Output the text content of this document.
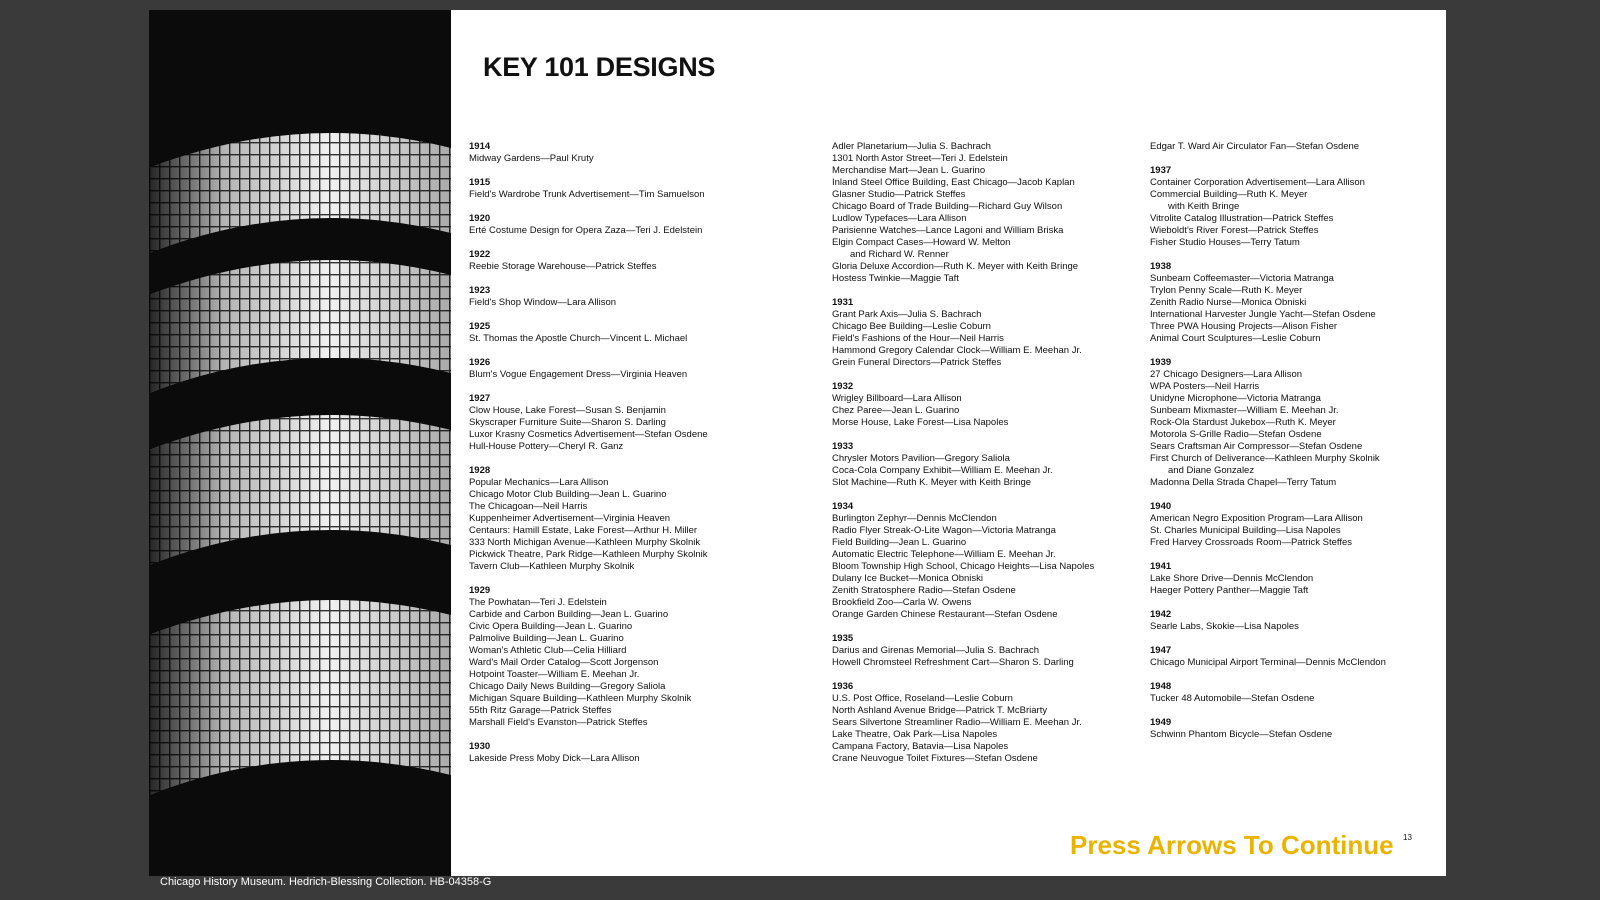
KEY 101 DESIGNS
1914
Midway Gardens—Paul Kruty
1915
Field's Wardrobe Trunk Advertisement—Tim Samuelson
1920
Erté Costume Design for Opera Zaza—Teri J. Edelstein
1922
Reebie Storage Warehouse—Patrick Steffes
1923
Field's Shop Window—Lara Allison
1925
St. Thomas the Apostle Church—Vincent L. Michael
1926
Blum's Vogue Engagement Dress—Virginia Heaven
1927
Clow House, Lake Forest—Susan S. Benjamin
Skyscraper Furniture Suite—Sharon S. Darling
Luxor Krasny Cosmetics Advertisement—Stefan Osdene
Hull-House Pottery—Cheryl R. Ganz
1928
Popular Mechanics—Lara Allison
Chicago Motor Club Building—Jean L. Guarino
The Chicagoan—Neil Harris
Kuppenheimer Advertisement—Virginia Heaven
Centaurs: Hamill Estate, Lake Forest—Arthur H. Miller
333 North Michigan Avenue—Kathleen Murphy Skolnik
Pickwick Theatre, Park Ridge—Kathleen Murphy Skolnik
Tavern Club—Kathleen Murphy Skolnik
1929
The Powhatan—Teri J. Edelstein
Carbide and Carbon Building—Jean L. Guarino
Civic Opera Building—Jean L. Guarino
Palmolive Building—Jean L. Guarino
Woman's Athletic Club—Celia Hilliard
Ward's Mail Order Catalog—Scott Jorgenson
Hotpoint Toaster—William E. Meehan Jr.
Chicago Daily News Building—Gregory Saliola
Michigan Square Building—Kathleen Murphy Skolnik
55th Ritz Garage—Patrick Steffes
Marshall Field's Evanston—Patrick Steffes
1930
Lakeside Press Moby Dick—Lara Allison
Adler Planetarium—Julia S. Bachrach
1301 North Astor Street—Teri J. Edelstein
Merchandise Mart—Jean L. Guarino
Inland Steel Office Building, East Chicago—Jacob Kaplan
Glasner Studio—Patrick Steffes
Chicago Board of Trade Building—Richard Guy Wilson
Ludlow Typefaces—Lara Allison
Parisienne Watches—Lance Lagoni and William Briska
Elgin Compact Cases—Howard W. Melton
and Richard W. Renner
Gloria Deluxe Accordion—Ruth K. Meyer with Keith Bringe
Hostess Twinkie—Maggie Taft
1931
Grant Park Axis—Julia S. Bachrach
Chicago Bee Building—Leslie Coburn
Field's Fashions of the Hour—Neil Harris
Hammond Gregory Calendar Clock—William E. Meehan Jr.
Grein Funeral Directors—Patrick Steffes
1932
Wrigley Billboard—Lara Allison
Chez Paree—Jean L. Guarino
Morse House, Lake Forest—Lisa Napoles
1933
Chrysler Motors Pavilion—Gregory Saliola
Coca-Cola Company Exhibit—William E. Meehan Jr.
Slot Machine—Ruth K. Meyer with Keith Bringe
1934
Burlington Zephyr—Dennis McClendon
Radio Flyer Streak-O-Lite Wagon—Victoria Matranga
Field Building—Jean L. Guarino
Automatic Electric Telephone—William E. Meehan Jr.
Bloom Township High School, Chicago Heights—Lisa Napoles
Dulany Ice Bucket—Monica Obniski
Zenith Stratosphere Radio—Stefan Osdene
Brookfield Zoo—Carla W. Owens
Orange Garden Chinese Restaurant—Stefan Osdene
1935
Darius and Girenas Memorial—Julia S. Bachrach
Howell Chromsteel Refreshment Cart—Sharon S. Darling
1936
U.S. Post Office, Roseland—Leslie Coburn
North Ashland Avenue Bridge—Patrick T. McBriarty
Sears Silvertone Streamliner Radio—William E. Meehan Jr.
Lake Theatre, Oak Park—Lisa Napoles
Campana Factory, Batavia—Lisa Napoles
Crane Neuvogue Toilet Fixtures—Stefan Osdene
Edgar T. Ward Air Circulator Fan—Stefan Osdene
1937
Container Corporation Advertisement—Lara Allison
Commercial Building—Ruth K. Meyer
with Keith Bringe
Vitrolite Catalog Illustration—Patrick Steffes
Wieboldt's River Forest—Patrick Steffes
Fisher Studio Houses—Terry Tatum
1938
Sunbeam Coffeemaster—Victoria Matranga
Trylon Penny Scale—Ruth K. Meyer
Zenith Radio Nurse—Monica Obniski
International Harvester Jungle Yacht—Stefan Osdene
Three PWA Housing Projects—Alison Fisher
Animal Court Sculptures—Leslie Coburn
1939
27 Chicago Designers—Lara Allison
WPA Posters—Neil Harris
Unidyne Microphone—Victoria Matranga
Sunbeam Mixmaster—William E. Meehan Jr.
Rock-Ola Stardust Jukebox—Ruth K. Meyer
Motorola S-Grille Radio—Stefan Osdene
Sears Craftsman Air Compressor—Stefan Osdene
First Church of Deliverance—Kathleen Murphy Skolnik
and Diane Gonzalez
Madonna Della Strada Chapel—Terry Tatum
1940
American Negro Exposition Program—Lara Allison
St. Charles Municipal Building—Lisa Napoles
Fred Harvey Crossroads Room—Patrick Steffes
1941
Lake Shore Drive—Dennis McClendon
Haeger Pottery Panther—Maggie Taft
1942
Searle Labs, Skokie—Lisa Napoles
1947
Chicago Municipal Airport Terminal—Dennis McClendon
1948
Tucker 48 Automobile—Stefan Osdene
1949
Schwinn Phantom Bicycle—Stefan Osdene
Press Arrows To Continue 13
Chicago History Museum. Hedrich-Blessing Collection. HB-04358-G
